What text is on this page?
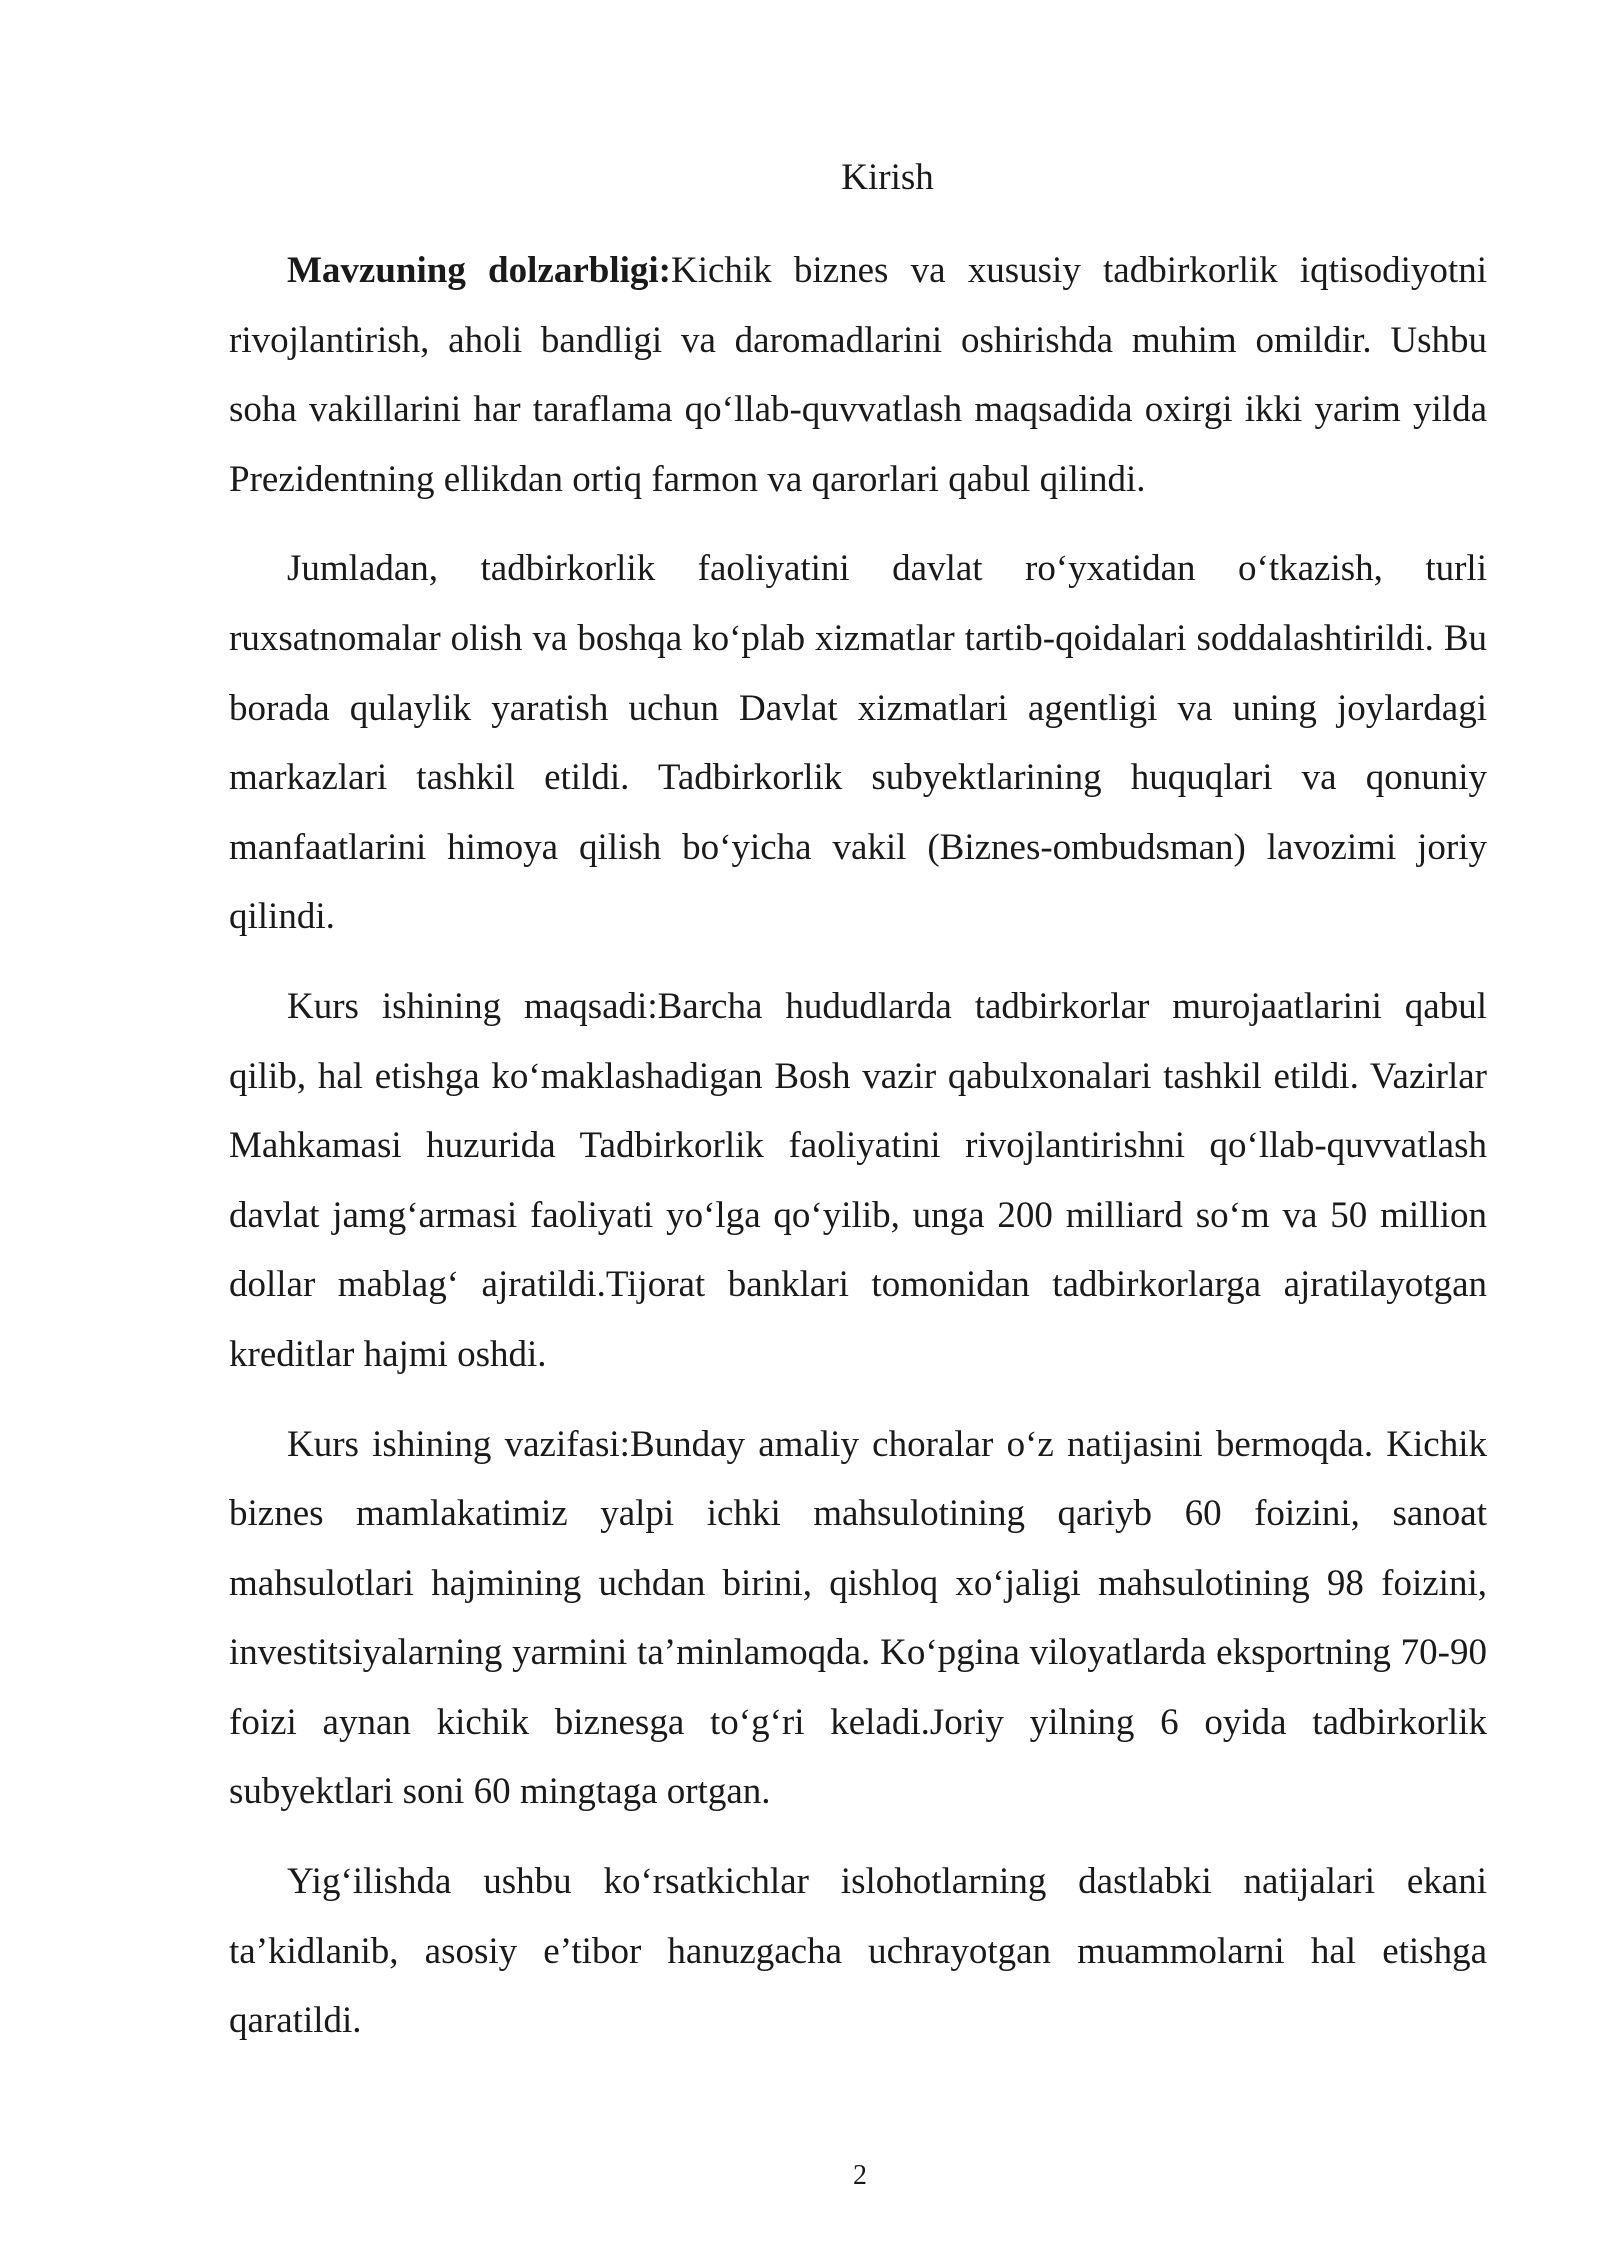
Kirish

Mavzuning dolzarbligi:Kichik biznes va xususiy tadbirkorlik iqtisodiyotni rivojlantirish, aholi bandligi va daromadlarini oshirishda muhim omildir. Ushbu soha vakillarini har taraflama qo‘llab-quvvatlash maqsadida oxirgi ikki yarim yilda Prezidentning ellikdan ortiq farmon va qarorlari qabul qilindi.

Jumladan, tadbirkorlik faoliyatini davlat ro‘yxatidan o‘tkazish, turli ruxsatnomalar olish va boshqa ko‘plab xizmatlar tartib-qoidalari soddalashtirildi. Bu borada qulaylik yaratish uchun Davlat xizmatlari agentligi va uning joylardagi markazlari tashkil etildi. Tadbirkorlik subyektlarining huquqlari va qonuniy manfaatlarini himoya qilish bo‘yicha vakil (Biznes-ombudsman) lavozimi joriy qilindi.

Kurs ishining maqsadi:Barcha hududlarda tadbirkorlar murojaatlarini qabul qilib, hal etishga ko‘maklashadigan Bosh vazir qabulxonalari tashkil etildi. Vazirlar Mahkamasi huzurida Tadbirkorlik faoliyatini rivojlantirishni qo‘llab-quvvatlash davlat jamg‘armasi faoliyati yo‘lga qo‘yilib, unga 200 milliard so‘m va 50 million dollar mablag‘ ajratildi.Tijorat banklari tomonidan tadbirkorlarga ajratilayotgan kreditlar hajmi oshdi.

Kurs ishining vazifasi:Bunday amaliy choralar o‘z natijasini bermoqda. Kichik biznes mamlakatimiz yalpi ichki mahsulotining qariyb 60 foizini, sanoat mahsulotlari hajmining uchdan birini, qishloq xo‘jaligi mahsulotining 98 foizini, investitsiyalarning yarmini ta’minlamoqda. Ko‘pgina viloyatlarda eksportning 70-90 foizi aynan kichik biznesga to‘g‘ri keladi.Joriy yilning 6 oyida tadbirkorlik subyektlari soni 60 mingtaga ortgan.

Yig‘ilishda ushbu ko‘rsatkichlar islohotlarning dastlabki natijalari ekani ta’kidlanib, asosiy e’tibor hanuzgacha uchrayotgan muammolarni hal etishga qaratildi.

2
